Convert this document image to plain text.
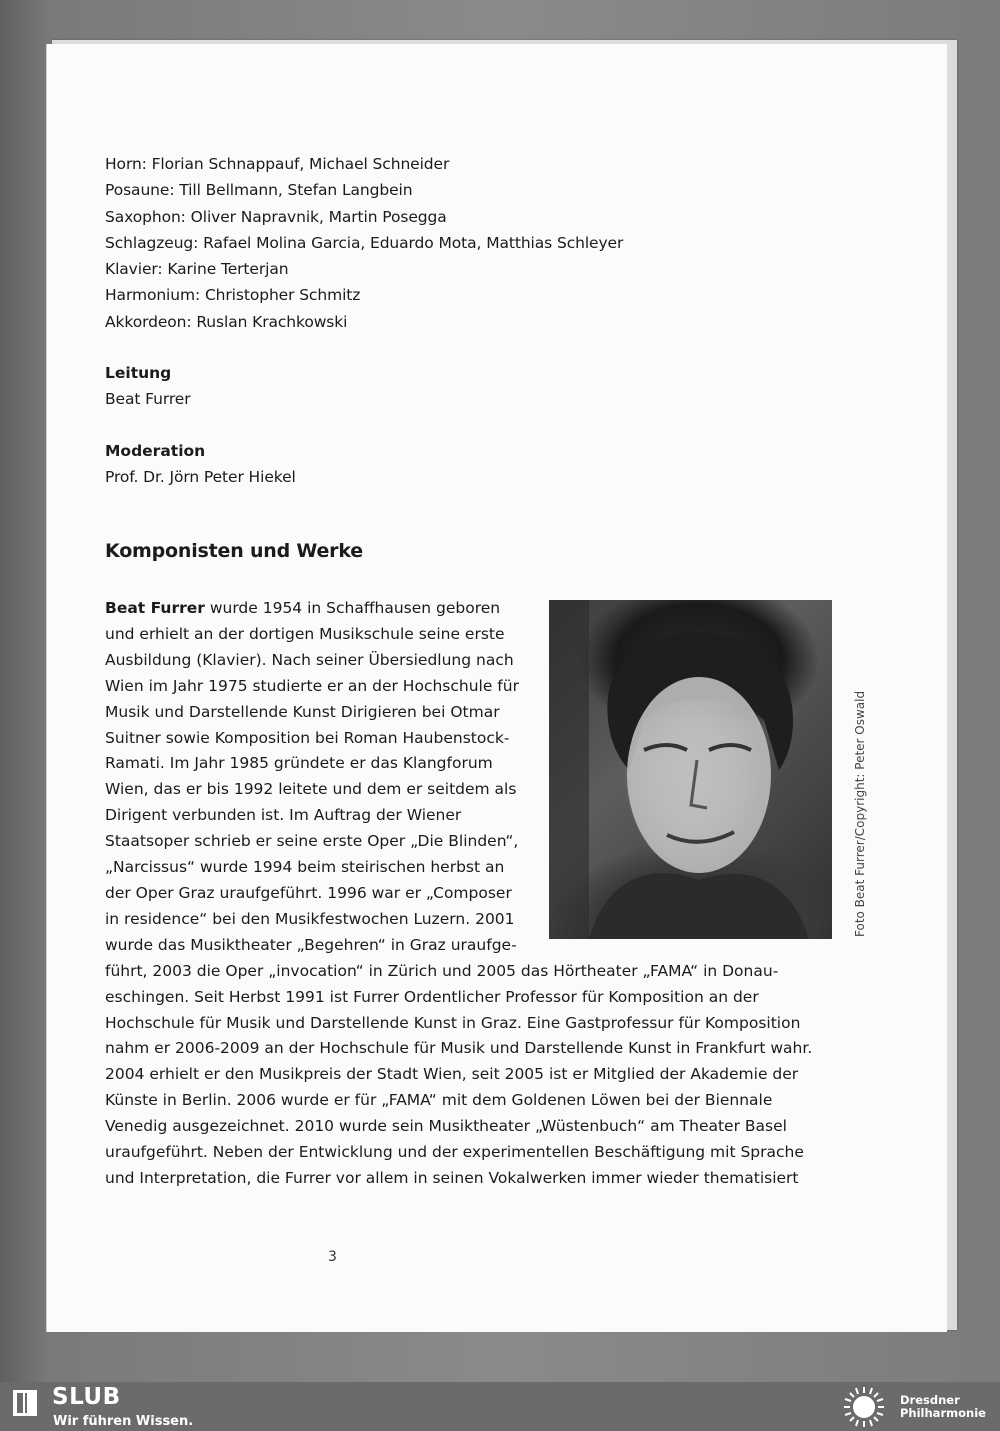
Horn: Florian Schnappauf, Michael Schneider
Posaune: Till Bellmann, Stefan Langbein
Saxophon: Oliver Napravnik, Martin Posegga
Schlagzeug: Rafael Molina Garcia, Eduardo Mota, Matthias Schleyer
Klavier: Karine Terterjan
Harmonium: Christopher Schmitz
Akkordeon: Ruslan Krachkowski
Leitung
Beat Furrer
Moderation
Prof. Dr. Jörn Peter Hiekel
Komponisten und Werke
Foto Beat Furrer/Copyright: Peter Oswald
Beat Furrer wurde 1954 in Schaffhausen geboren
und erhielt an der dortigen Musikschule seine erste
Ausbildung (Klavier). Nach seiner Übersiedlung nach
Wien im Jahr 1975 studierte er an der Hochschule für
Musik und Darstellende Kunst Dirigieren bei Otmar
Suitner sowie Komposition bei Roman Haubenstock-
Ramati. Im Jahr 1985 gründete er das Klangforum
Wien, das er bis 1992 leitete und dem er seitdem als
Dirigent verbunden ist. Im Auftrag der Wiener
Staatsoper schrieb er seine erste Oper „Die Blinden“,
„Narcissus“ wurde 1994 beim steirischen herbst an
der Oper Graz uraufgeführt. 1996 war er „Composer
in residence“ bei den Musikfestwochen Luzern. 2001
wurde das Musiktheater „Begehren“ in Graz uraufge-
führt, 2003 die Oper „invocation“ in Zürich und 2005 das Hörtheater „FAMA“ in Donau-
eschingen. Seit Herbst 1991 ist Furrer Ordentlicher Professor für Komposition an der
Hochschule für Musik und Darstellende Kunst in Graz. Eine Gastprofessur für Komposition
nahm er 2006-2009 an der Hochschule für Musik und Darstellende Kunst in Frankfurt wahr.
2004 erhielt er den Musikpreis der Stadt Wien, seit 2005 ist er Mitglied der Akademie der
Künste in Berlin. 2006 wurde er für „FAMA“ mit dem Goldenen Löwen bei der Biennale
Venedig ausgezeichnet. 2010 wurde sein Musiktheater „Wüstenbuch“ am Theater Basel
uraufgeführt. Neben der Entwicklung und der experimentellen Beschäftigung mit Sprache
und Interpretation, die Furrer vor allem in seinen Vokalwerken immer wieder thematisiert
3
SLUB
Wir führen Wissen.
Dresdner
Philharmonie
